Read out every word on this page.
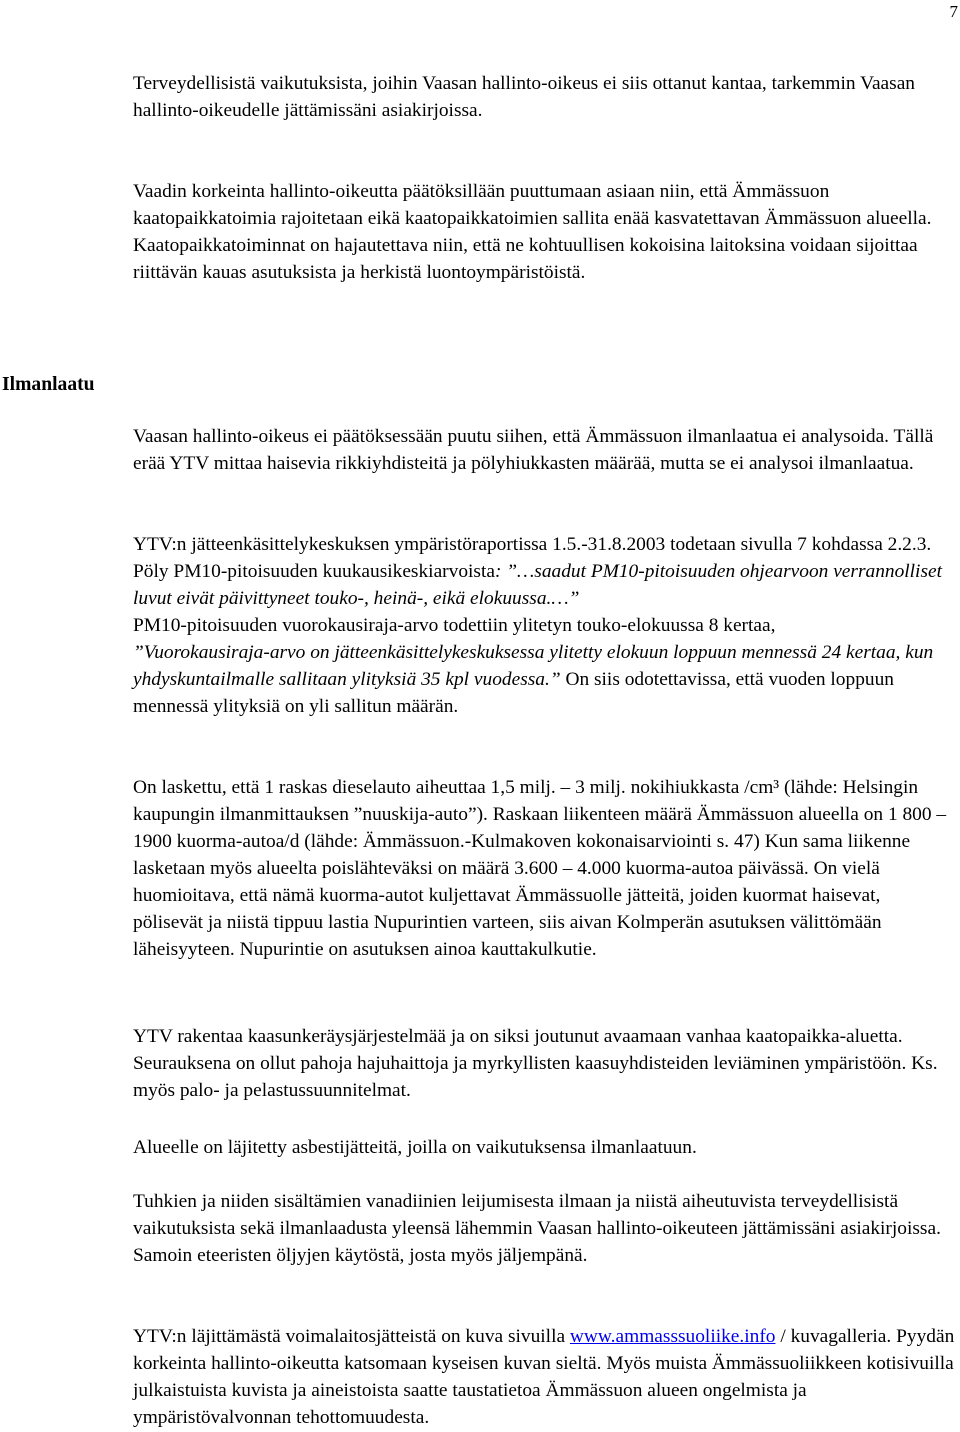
7

Terveydellisistä vaikutuksista, joihin Vaasan hallinto-oikeus ei siis ottanut kantaa, tarkemmin Vaasan hallinto-oikeudelle jättämissäni asiakirjoissa.

Vaadin korkeinta hallinto-oikeutta päätöksillään puuttumaan asiaan niin, että Ämmässuon kaatopaikkatoimia rajoitetaan eikä kaatopaikkatoimien sallita enää kasvatettavan Ämmässuon alueella. Kaatopaikkatoiminnat on hajautettava niin, että ne kohtuullisen kokoisina laitoksina voidaan sijoittaa riittävän kauas asutuksista ja herkistä luontoympäristöistä.

Ilmanlaatu

Vaasan hallinto-oikeus ei päätöksessään puutu siihen, että Ämmässuon ilmanlaatua ei analysoida. Tällä erää YTV mittaa haisevia rikkiyhdisteitä ja pölyhiukkasten määrää, mutta se ei analysoi ilmanlaatua.

YTV:n jätteenkäsittelykeskuksen ympäristöraportissa 1.5.-31.8.2003 todetaan sivulla 7 kohdassa 2.2.3. Pöly PM10-pitoisuuden kuukausikeskiarvoista: ”…saadut PM10-pitoisuuden ohjearvoon verrannolliset luvut eivät päivittyneet touko-, heinä-, eikä elokuussa.…”

PM10-pitoisuuden vuorokausiraja-arvo todettiin ylitetyn touko-elokuussa 8 kertaa,
”Vuorokausiraja-arvo on jätteenkäsittelykeskuksessa ylitetty elokuun loppuun mennessä 24 kertaa, kun yhdyskuntailmalle sallitaan ylityksiä 35 kpl vuodessa.” On siis odotettavissa, että vuoden loppuun mennessä ylityksiä on yli sallitun määrän.

On laskettu, että 1 raskas dieselauto aiheuttaa 1,5 milj. – 3 milj. nokihiukkasta /cm³ (lähde: Helsingin kaupungin ilmanmittauksen ”nuuskija-auto”). Raskaan liikenteen määrä Ämmässuon alueella on 1 800 – 1900 kuorma-autoa/d (lähde: Ämmässuon.-Kulmakoven kokonaisarviointi s. 47) Kun sama liikenne lasketaan myös alueelta poislähteväksi on määrä 3.600 – 4.000 kuorma-autoa päivässä. On vielä huomioitava, että nämä kuorma-autot kuljettavat Ämmässuolle jätteitä, joiden kuormat haisevat, pölisevät ja niistä tippuu lastia Nupurintien varteen, siis aivan Kolmperän asutuksen välittömään läheisyyteen. Nupurintie on asutuksen ainoa kauttakulkutie.

YTV rakentaa kaasunkeräysjärjestelmää ja on siksi joutunut avaamaan vanhaa kaatopaikka-aluetta. Seurauksena on ollut pahoja hajuhaittoja ja myrkyllisten kaasuyhdisteiden leviäminen ympäristöön. Ks. myös palo- ja pelastussuunnitelmat.

Alueelle on läjitetty asbestijätteitä, joilla on vaikutuksensa ilmanlaatuun.

Tuhkien ja niiden sisältämien vanadiinien leijumisesta ilmaan ja niistä aiheutuvista terveydellisistä vaikutuksista sekä ilmanlaadusta yleensä lähemmin Vaasan hallinto-oikeuteen jättämissäni asiakirjoissa. Samoin eteeristen öljyjen käytöstä, josta myös jäljempänä.

YTV:n läjittämästä voimalaitosjätteistä on kuva sivuilla www.ammasssuoliike.info / kuvagalleria. Pyydän korkeinta hallinto-oikeutta katsomaan kyseisen kuvan sieltä. Myös muista Ämmässuoliikkeen kotisivuilla julkaistuista kuvista ja aineistoista saatte taustatietoa Ämmässuon alueen ongelmista ja ympäristövalvonnan tehottomuudesta.
